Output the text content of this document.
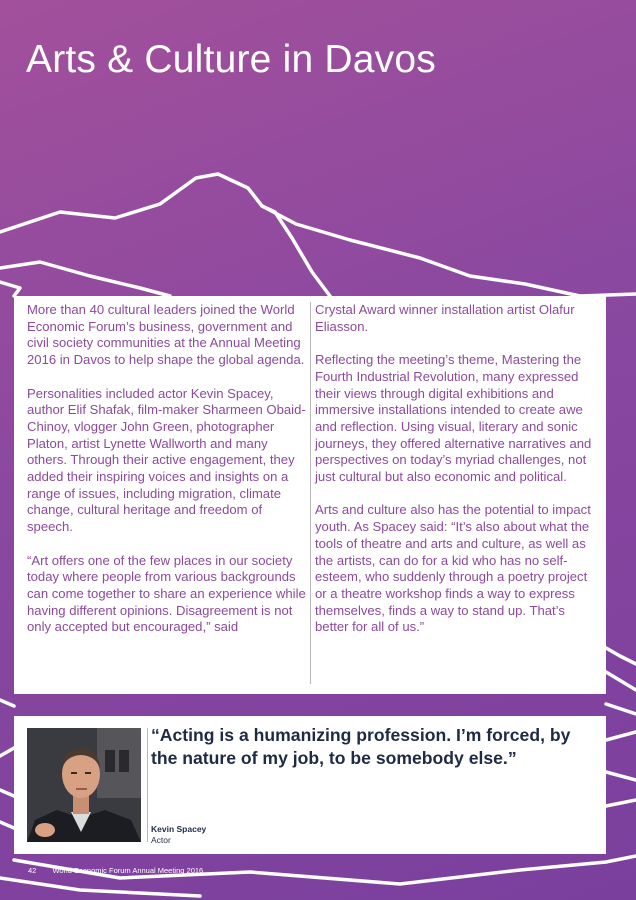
Arts & Culture in Davos

More than 40 cultural leaders joined the World Economic Forum’s business, government and civil society communities at the Annual Meeting 2016 in Davos to help shape the global agenda.

Personalities included actor Kevin Spacey, author Elif Shafak, film-maker Sharmeen Obaid-Chinoy, vlogger John Green, photographer Platon, artist Lynette Wallworth and many others. Through their active engagement, they added their inspiring voices and insights on a range of issues, including migration, climate change, cultural heritage and freedom of speech.

“Art offers one of the few places in our society today where people from various backgrounds can come together to share an experience while having different opinions. Disagreement is not only accepted but encouraged,” said

Crystal Award winner installation artist Olafur Eliasson.

Reflecting the meeting’s theme, Mastering the Fourth Industrial Revolution, many expressed their views through digital exhibitions and immersive installations intended to create awe and reflection. Using visual, literary and sonic journeys, they offered alternative narratives and perspectives on today’s myriad challenges, not just cultural but also economic and political.

Arts and culture also has the potential to impact youth. As Spacey said: “It’s also about what the tools of theatre and arts and culture, as well as the artists, can do for a kid who has no self-esteem, who suddenly through a poetry project or a theatre workshop finds a way to express themselves, finds a way to stand up. That’s better for all of us.”

“Acting is a humanizing profession. I’m forced, by the nature of my job, to be somebody else.”

Kevin Spacey
Actor
42 World Economic Forum Annual Meeting 2016
